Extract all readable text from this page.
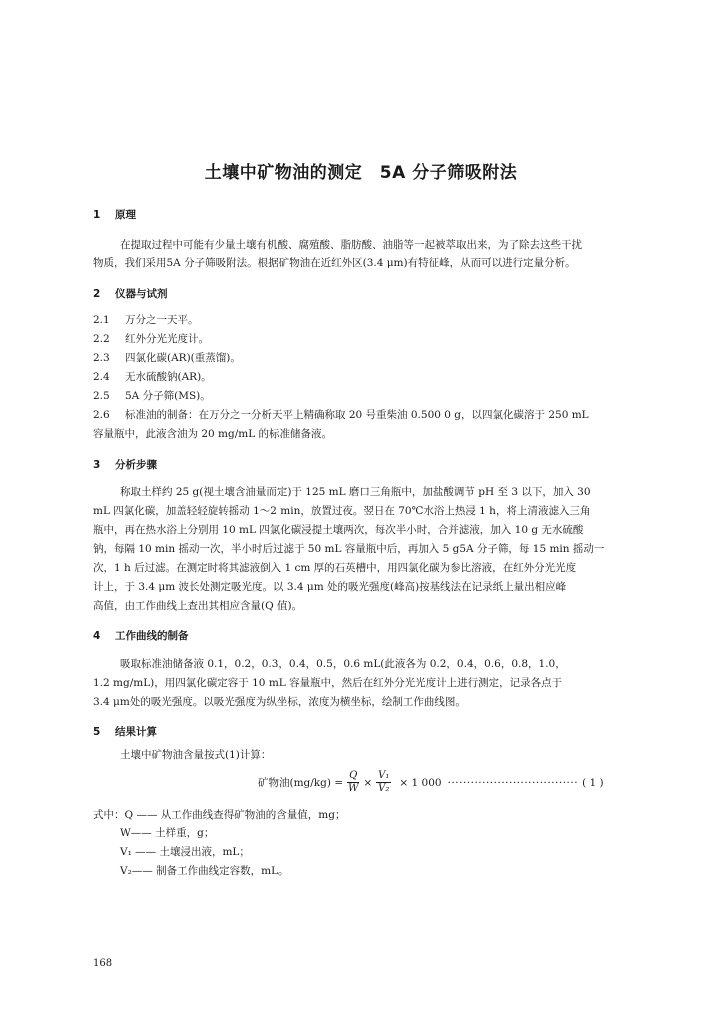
土壤中矿物油的测定　5A 分子筛吸附法
1 原理
在提取过程中可能有少量土壤有机酸、腐殖酸、脂肪酸、油脂等一起被萃取出来，为了除去这些干扰
物质，我们采用5A 分子筛吸附法。根据矿物油在近红外区(3.4 μm)有特征峰，从而可以进行定量分析。
2 仪器与试剂
2.1 万分之一天平。
2.2 红外分光光度计。
2.3 四氯化碳(AR)(重蒸馏)。
2.4 无水硫酸钠(AR)。
2.5 5A 分子筛(MS)。
2.6 标准油的制备：在万分之一分析天平上精确称取 20 号重柴油 0.500 0 g，以四氯化碳溶于 250 mL
容量瓶中，此液含油为 20 mg/mL 的标准储备液。
3 分析步骤
称取土样约 25 g(视土壤含油量而定)于 125 mL 磨口三角瓶中，加盐酸调节 pH 至 3 以下，加入 30
mL 四氯化碳，加盖轻轻旋转摇动 1～2 min，放置过夜。翌日在 70℃水浴上热浸 1 h，将上清液滤入三角
瓶中，再在热水浴上分别用 10 mL 四氯化碳浸提土壤两次，每次半小时，合并滤液，加入 10 g 无水硫酸
钠，每隔 10 min 摇动一次，半小时后过滤于 50 mL 容量瓶中后，再加入 5 g5A 分子筛，每 15 min 摇动一
次，1 h 后过滤。在测定时将其滤液倒入 1 cm 厚的石英槽中，用四氯化碳为参比溶液，在红外分光光度
计上，于 3.4 μm 波长处测定吸光度。以 3.4 μm 处的吸光强度(峰高)按基线法在记录纸上量出相应峰
高值，由工作曲线上查出其相应含量(Q 值)。
4 工作曲线的制备
吸取标准油储备液 0.1，0.2，0.3，0.4，0.5，0.6 mL(此液各为 0.2，0.4，0.6，0.8，1.0，
1.2 mg/mL)，用四氯化碳定容于 10 mL 容量瓶中，然后在红外分光光度计上进行测定，记录各点于
3.4 μm处的吸光强度。以吸光强度为纵坐标，浓度为横坐标，绘制工作曲线图。
5 结果计算
土壤中矿物油含量按式(1)计算：
矿物油$(mg/kg) = \frac{Q}{W} \times \frac{\text{V₁}}{\text{V₂}} \times 1$ 000 ·································· ( 1 )
式中：Q —— 从工作曲线查得矿物油的含量值，mg；
W—— 土样重，g；
V₁ —— 土壤浸出液，mL；
V₂—— 制备工作曲线定容数，mL。
168
